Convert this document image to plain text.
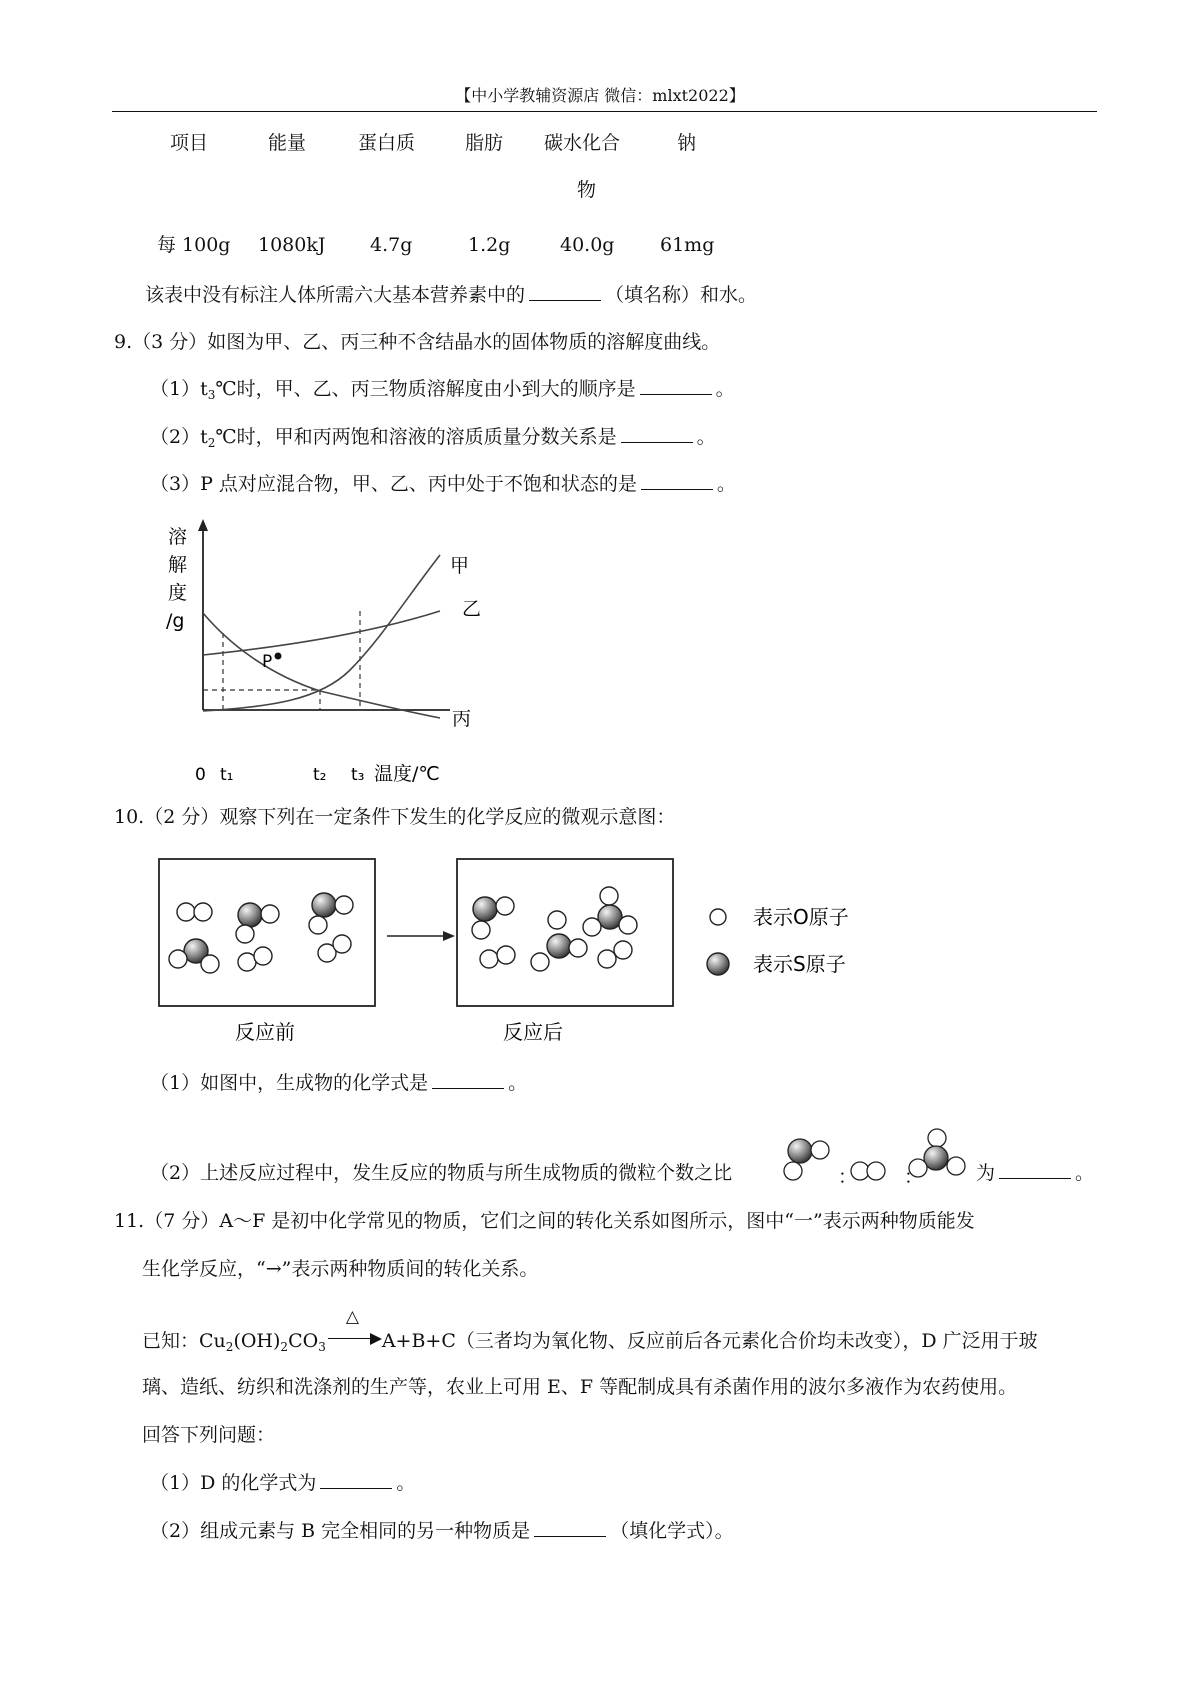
【中小学教辅资源店 微信：mlxt2022】
项目	能量	蛋白质	脂肪 碳水化合	钠
物
每 100g 1080kJ 4.7g	1.2g	40.0g 61mg
该表中没有标注人体所需六大基本营养素中的	（填名称）和水。
9.（3 分）如图为甲、乙、丙三种不含结晶水的固体物质的溶解度曲线。
$(1)t_3℃$时，甲、乙、丙三物质溶解度由小到大的顺序是	。
$(2)t_2℃$时，甲和丙两饱和溶液的溶质质量分数关系是	。
（3）P 点对应混合物，甲、乙、丙中处于不饱和状态的是	。
溶
解
度
/g
甲
乙
丙
P
0 t₁	t₂ t₃ 温度/℃
10.（2 分）观察下列在一定条件下发生的化学反应的微观示意图：
反应前	反应后
表示O原子
表示S原子
（1）如图中，生成物的化学式是	。
（2）上述反应过程中，发生反应的物质与所生成物质的微粒个数之比	： ：	为	。
11.（7 分）A～F 是初中化学常见的物质，它们之间的转化关系如图所示，图中“一”表示两种物质能发
生化学反应，“→”表示两种物质间的转化关系。
已知：$Cu_2(OH)_2CO_3$
△
A+B+C（三者均为氧化物、反应前后各元素化合价均未改变），D 广泛用于玻
璃、造纸、纺织和洗涤剂的生产等，农业上可用 E、F 等配制成具有杀菌作用的波尔多液作为农药使用。
回答下列问题：
（1）D 的化学式为	。
（2）组成元素与 B 完全相同的另一种物质是	（填化学式）。
